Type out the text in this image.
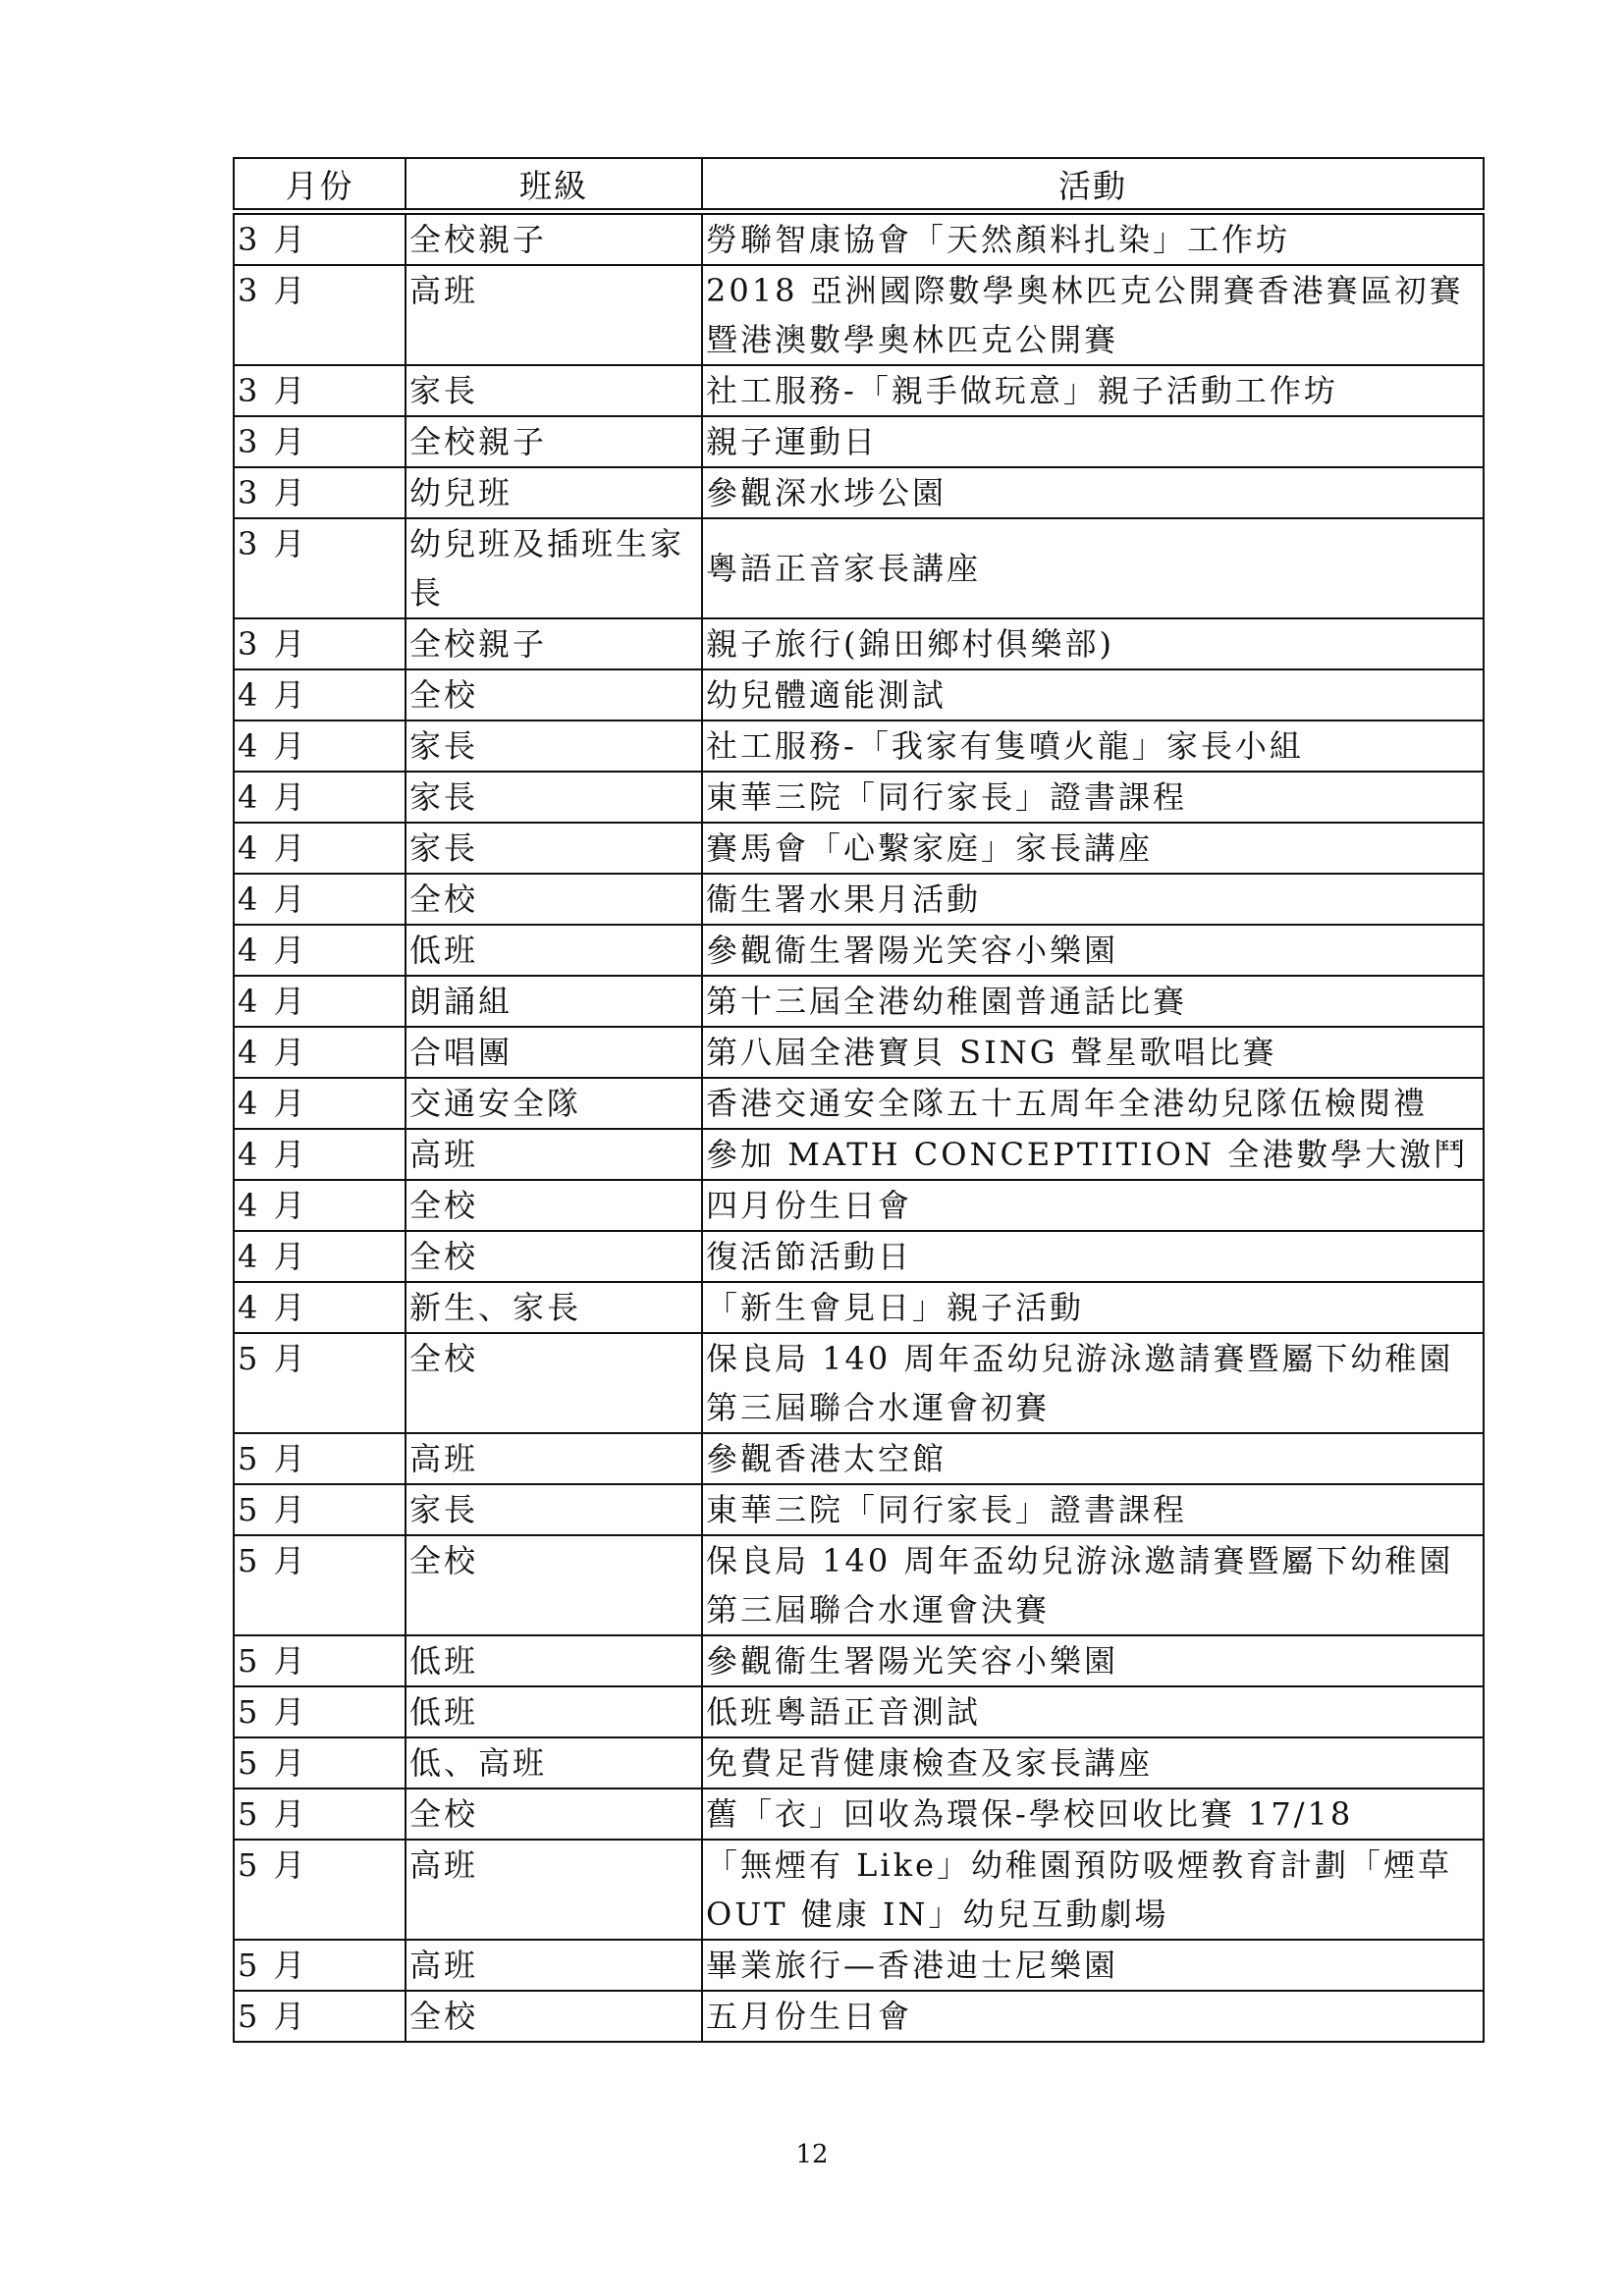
月份	班級	活動
3 月	全校親子	勞聯智康協會「天然顏料扎染」工作坊
3 月	高班	2018 亞洲國際數學奧林匹克公開賽香港賽區初賽暨港澳數學奧林匹克公開賽
3 月	家長	社工服務-「親手做玩意」親子活動工作坊
3 月	全校親子	親子運動日
3 月	幼兒班	參觀深水埗公園
3 月	幼兒班及插班生家長	粵語正音家長講座
3 月	全校親子	親子旅行(錦田鄉村俱樂部)
4 月	全校	幼兒體適能測試
4 月	家長	社工服務-「我家有隻噴火龍」家長小組
4 月	家長	東華三院「同行家長」證書課程
4 月	家長	賽馬會「心繫家庭」家長講座
4 月	全校	衞生署水果月活動
4 月	低班	參觀衞生署陽光笑容小樂園
4 月	朗誦組	第十三屆全港幼稚園普通話比賽
4 月	合唱團	第八屆全港寶貝 SING 聲星歌唱比賽
4 月	交通安全隊	香港交通安全隊五十五周年全港幼兒隊伍檢閱禮
4 月	高班	參加 MATH CONCEPTITION 全港數學大激鬥
4 月	全校	四月份生日會
4 月	全校	復活節活動日
4 月	新生、家長	「新生會見日」親子活動
5 月	全校	保良局 140 周年盃幼兒游泳邀請賽暨屬下幼稚園第三屆聯合水運會初賽
5 月	高班	參觀香港太空館
5 月	家長	東華三院「同行家長」證書課程
5 月	全校	保良局 140 周年盃幼兒游泳邀請賽暨屬下幼稚園第三屆聯合水運會決賽
5 月	低班	參觀衞生署陽光笑容小樂園
5 月	低班	低班粵語正音測試
5 月	低、高班	免費足背健康檢查及家長講座
5 月	全校	舊「衣」回收為環保-學校回收比賽 17/18
5 月	高班	「無煙有 Like」幼稚園預防吸煙教育計劃「煙草 OUT 健康 IN」幼兒互動劇場
5 月	高班	畢業旅行—香港迪士尼樂園
5 月	全校	五月份生日會
12
